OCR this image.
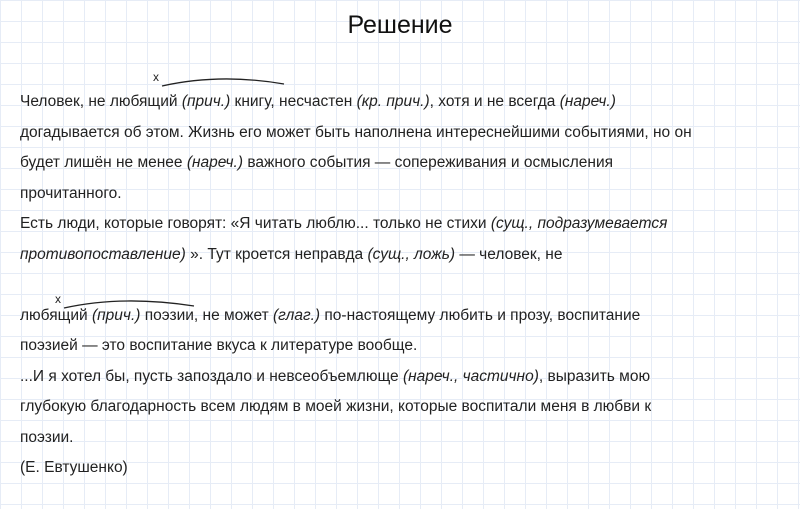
Решение
x
x
Человек, не любящий (прич.) книгу, несчастен (кр. прич.), хотя и не всегда (нареч.)
догадывается об этом. Жизнь его может быть наполнена интереснейшими событиями, но он
будет лишён не менее (нареч.) важного события — сопереживания и осмысления
прочитанного.
Есть люди, которые говорят: «Я читать люблю... только не стихи (сущ., подразумевается
противопоставление) ». Тут кроется неправда (сущ., ложь) — человек, не
любящий (прич.) поэзии, не может (глаг.) по-настоящему любить и прозу, воспитание
поэзией — это воспитание вкуса к литературе вообще.
...И я хотел бы, пусть запоздало и невсеобъемлюще (нареч., частично), выразить мою
глубокую благодарность всем людям в моей жизни, которые воспитали меня в любви к
поэзии.
(Е. Евтушенко)
